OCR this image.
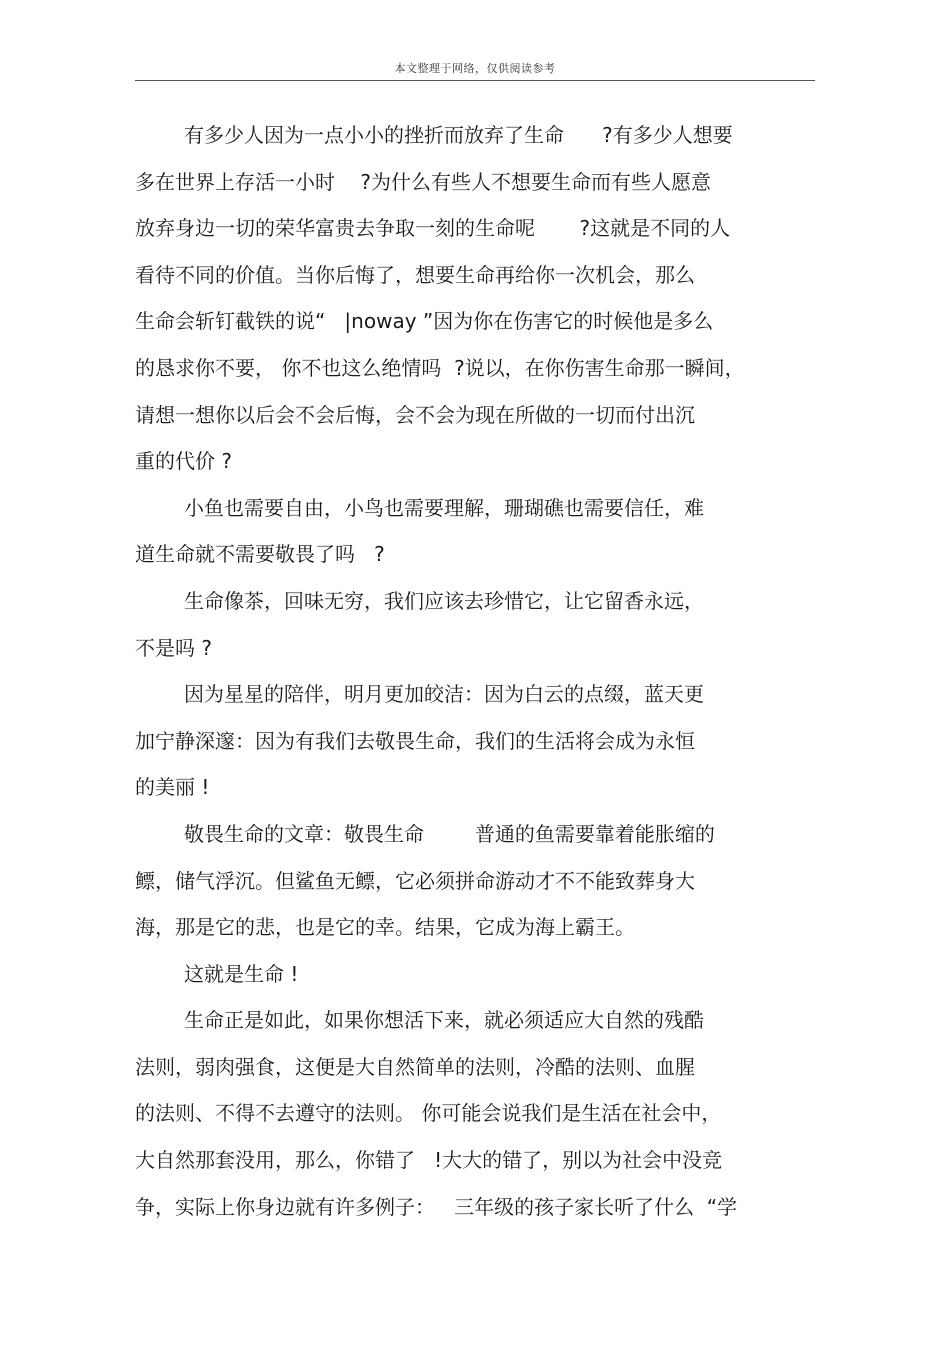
本文整理于网络，仅供阅读参考
有多少人因为一点小小的挫折而放弃了生命      ?有多少人想要
多在世界上存活一小时    ?为什么有些人不想要生命而有些人愿意
放弃身边一切的荣华富贵去争取一刻的生命呢       ?这就是不同的人
看待不同的价值。当你后悔了，想要生命再给你一次机会，那么
生命会斩钉截铁的说“   |noway ”因为你在伤害它的时候他是多么
的恳求你不要， 你不也这么绝情吗  ?说以，在你伤害生命那一瞬间，
请想一想你以后会不会后悔，会不会为现在所做的一切而付出沉
重的代价 ?
小鱼也需要自由，小鸟也需要理解，珊瑚礁也需要信任，难
道生命就不需要敬畏了吗   ?
生命像茶，回味无穷，我们应该去珍惜它，让它留香永远，
不是吗 ?
因为星星的陪伴，明月更加皎洁：因为白云的点缀，蓝天更
加宁静深邃：因为有我们去敬畏生命，我们的生活将会成为永恒
的美丽 !
敬畏生命的文章：敬畏生命        普通的鱼需要靠着能胀缩的
鳔，储气浮沉。但鲨鱼无鳔，它必须拼命游动才不不能致葬身大
海，那是它的悲，也是它的幸。结果，它成为海上霸王。
这就是生命 !
生命正是如此，如果你想活下来，就必须适应大自然的残酷
法则，弱肉强食，这便是大自然简单的法则，冷酷的法则、血腥
的法则、不得不去遵守的法则。 你可能会说我们是生活在社会中，
大自然那套没用，那么，你错了   !大大的错了，别以为社会中没竞
争，实际上你身边就有许多例子：   三年级的孩子家长听了什么  “学
